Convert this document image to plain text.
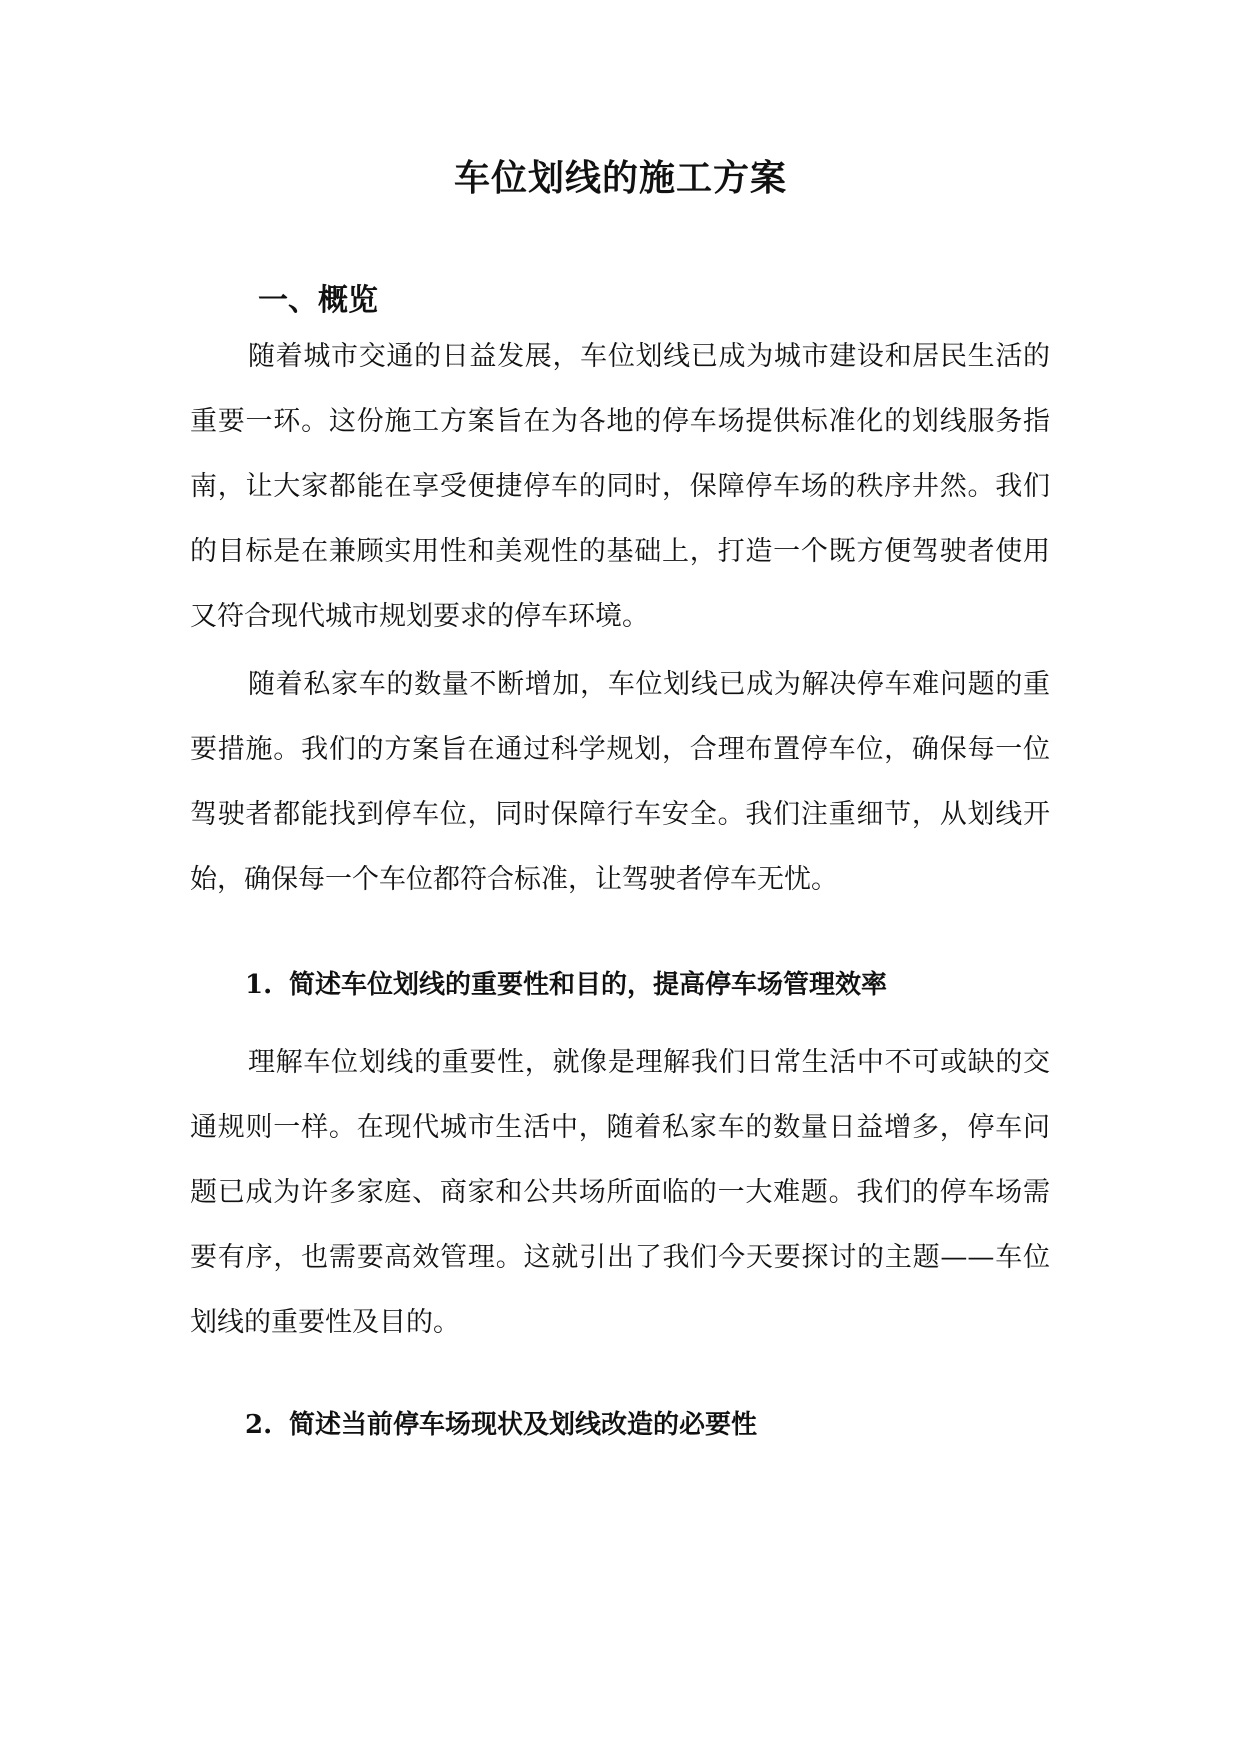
车位划线的施工方案
一、概览

随着城市交通的日益发展，车位划线已成为城市建设和居民生活的重要一环。这份施工方案旨在为各地的停车场提供标准化的划线服务指南，让大家都能在享受便捷停车的同时，保障停车场的秩序井然。我们的目标是在兼顾实用性和美观性的基础上，打造一个既方便驾驶者使用又符合现代城市规划要求的停车环境。

随着私家车的数量不断增加，车位划线已成为解决停车难问题的重要措施。我们的方案旨在通过科学规划，合理布置停车位，确保每一位驾驶者都能找到停车位，同时保障行车安全。我们注重细节，从划线开始，确保每一个车位都符合标准，让驾驶者停车无忧。

1. 简述车位划线的重要性和目的，提高停车场管理效率

理解车位划线的重要性，就像是理解我们日常生活中不可或缺的交通规则一样。在现代城市生活中，随着私家车的数量日益增多，停车问题已成为许多家庭、商家和公共场所面临的一大难题。我们的停车场需要有序，也需要高效管理。这就引出了我们今天要探讨的主题——车位划线的重要性及目的。

2. 简述当前停车场现状及划线改造的必要性
